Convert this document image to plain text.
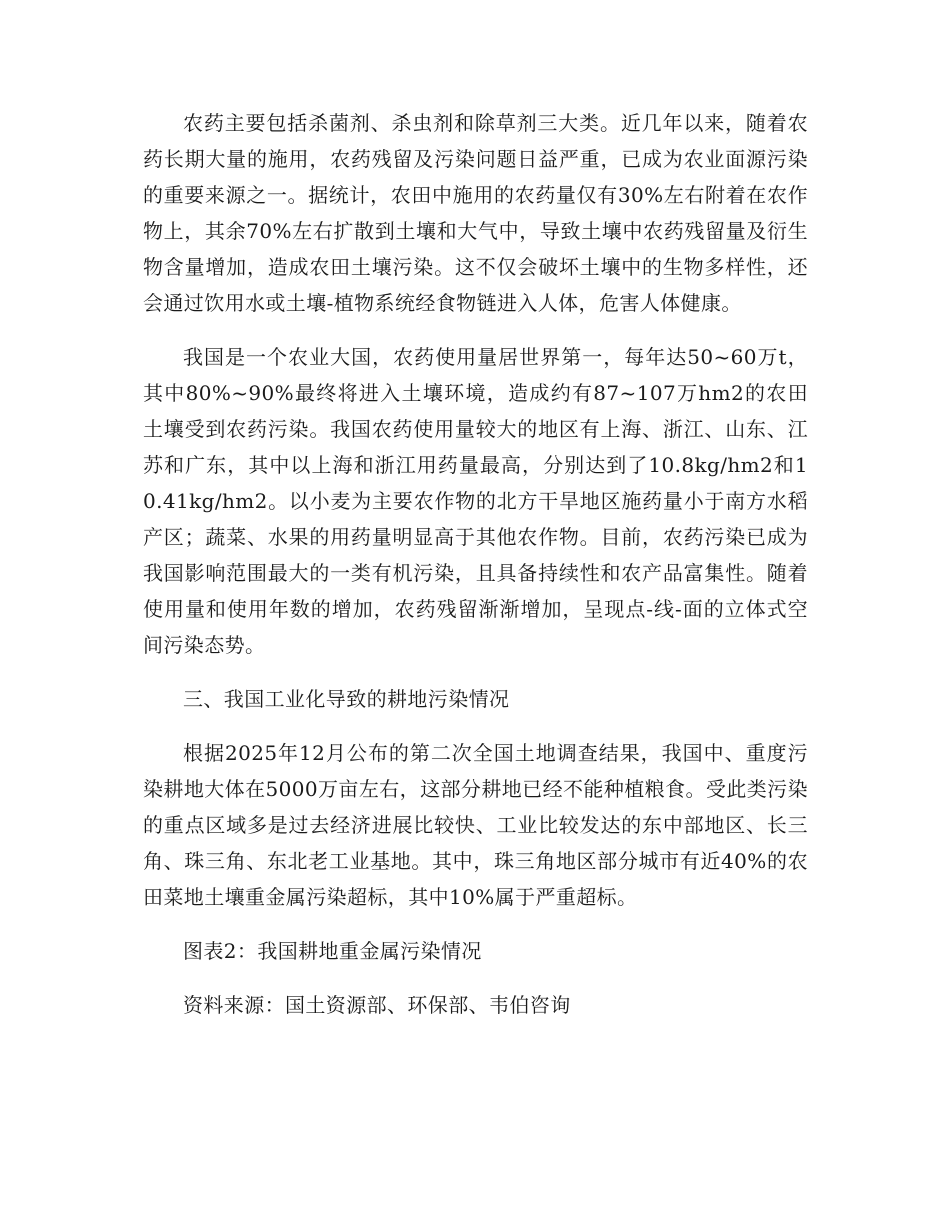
农药主要包括杀菌剂、杀虫剂和除草剂三大类。近几年以来，随着农药长期大量的施用，农药残留及污染问题日益严重，已成为农业面源污染的重要来源之一。据统计，农田中施用的农药量仅有30%左右附着在农作物上，其余70%左右扩散到土壤和大气中，导致土壤中农药残留量及衍生物含量增加，造成农田土壤污染。这不仅会破坏土壤中的生物多样性，还会通过饮用水或土壤-植物系统经食物链进入人体，危害人体健康。

我国是一个农业大国，农药使用量居世界第一，每年达50~60万t，其中80%~90%最终将进入土壤环境，造成约有87~107万hm2的农田土壤受到农药污染。我国农药使用量较大的地区有上海、浙江、山东、江苏和广东，其中以上海和浙江用药量最高，分别达到了10.8kg/hm2和10.41kg/hm2。以小麦为主要农作物的北方干旱地区施药量小于南方水稻产区；蔬菜、水果的用药量明显高于其他农作物。目前，农药污染已成为我国影响范围最大的一类有机污染，且具备持续性和农产品富集性。随着使用量和使用年数的增加，农药残留渐渐增加，呈现点-线-面的立体式空间污染态势。

三、我国工业化导致的耕地污染情况

根据2025年12月公布的第二次全国土地调查结果，我国中、重度污染耕地大体在5000万亩左右，这部分耕地已经不能种植粮食。受此类污染的重点区域多是过去经济进展比较快、工业比较发达的东中部地区、长三角、珠三角、东北老工业基地。其中，珠三角地区部分城市有近40%的农田菜地土壤重金属污染超标，其中10%属于严重超标。

图表2：我国耕地重金属污染情况

资料来源：国土资源部、环保部、韦伯咨询
